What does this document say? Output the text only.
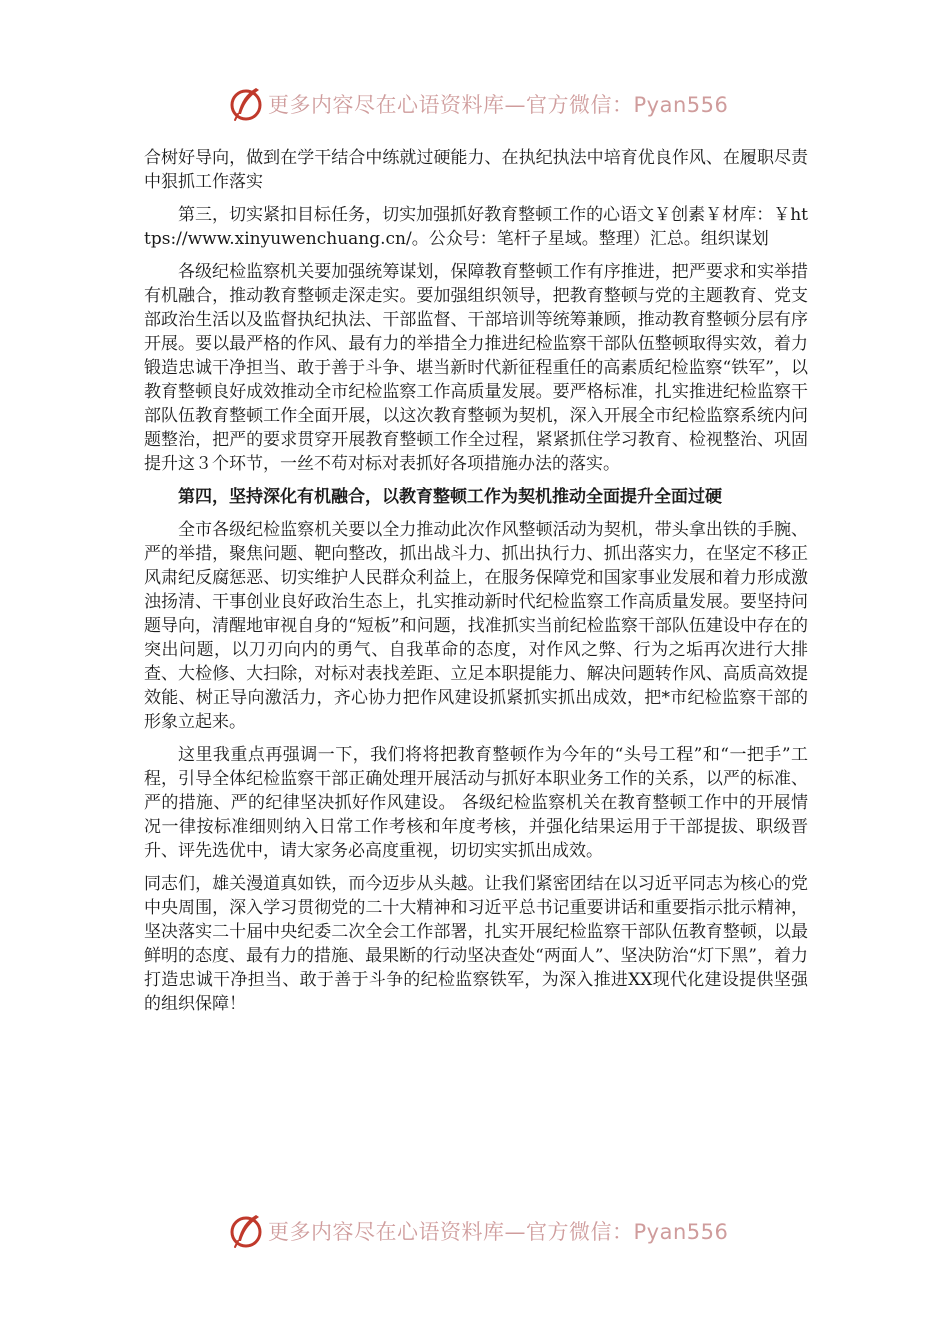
更多内容尽在心语资料库—官方微信：Pyan556

合树好导向，做到在学干结合中练就过硬能力、在执纪执法中培育优良作风、在履职尽责中狠抓工作落实

第三，切实紧扣目标任务，切实加强抓好教育整顿工作的心语文￥创素￥材库：￥https://www.xinyuwenchuang.cn/。公众号：笔杆子星域。整理）汇总。组织谋划

各级纪检监察机关要加强统筹谋划，保障教育整顿工作有序推进，把严要求和实举措有机融合，推动教育整顿走深走实。要加强组织领导，把教育整顿与党的主题教育、党支部政治生活以及监督执纪执法、干部监督、干部培训等统筹兼顾，推动教育整顿分层有序开展。要以最严格的作风、最有力的举措全力推进纪检监察干部队伍整顿取得实效，着力锻造忠诚干净担当、敢于善于斗争、堪当新时代新征程重任的高素质纪检监察“铁军”，以教育整顿良好成效推动全市纪检监察工作高质量发展。要严格标准，扎实推进纪检监察干部队伍教育整顿工作全面开展，以这次教育整顿为契机，深入开展全市纪检监察系统内问题整治，把严的要求贯穿开展教育整顿工作全过程，紧紧抓住学习教育、检视整治、巩固提升这３个环节，一丝不苟对标对表抓好各项措施办法的落实。

第四，坚持深化有机融合，以教育整顿工作为契机推动全面提升全面过硬

全市各级纪检监察机关要以全力推动此次作风整顿活动为契机，带头拿出铁的手腕、严的举措，聚焦问题、靶向整改，抓出战斗力、抓出执行力、抓出落实力，在坚定不移正风肃纪反腐惩恶、切实维护人民群众利益上，在服务保障党和国家事业发展和着力形成激浊扬清、干事创业良好政治生态上，扎实推动新时代纪检监察工作高质量发展。要坚持问题导向，清醒地审视自身的“短板”和问题，找准抓实当前纪检监察干部队伍建设中存在的突出问题，以刀刃向内的勇气、自我革命的态度，对作风之弊、行为之垢再次进行大排查、大检修、大扫除，对标对表找差距、立足本职提能力、解决问题转作风、高质高效提效能、树正导向激活力，齐心协力把作风建设抓紧抓实抓出成效，把*市纪检监察干部的形象立起来。

这里我重点再强调一下，我们将将把教育整顿作为今年的“头号工程”和“一把手”工程，引导全体纪检监察干部正确处理开展活动与抓好本职业务工作的关系，以严的标准、严的措施、严的纪律坚决抓好作风建设。 各级纪检监察机关在教育整顿工作中的开展情况一律按标准细则纳入日常工作考核和年度考核，并强化结果运用于干部提拔、职级晋升、评先选优中，请大家务必高度重视，切切实实抓出成效。

同志们，雄关漫道真如铁，而今迈步从头越。让我们紧密团结在以习近平同志为核心的党中央周围，深入学习贯彻党的二十大精神和习近平总书记重要讲话和重要指示批示精神，坚决落实二十届中央纪委二次全会工作部署，扎实开展纪检监察干部队伍教育整顿，以最鲜明的态度、最有力的措施、最果断的行动坚决查处“两面人”、坚决防治“灯下黑”，着力打造忠诚干净担当、敢于善于斗争的纪检监察铁军，为深入推进XX现代化建设提供坚强的组织保障！

更多内容尽在心语资料库—官方微信：Pyan556
